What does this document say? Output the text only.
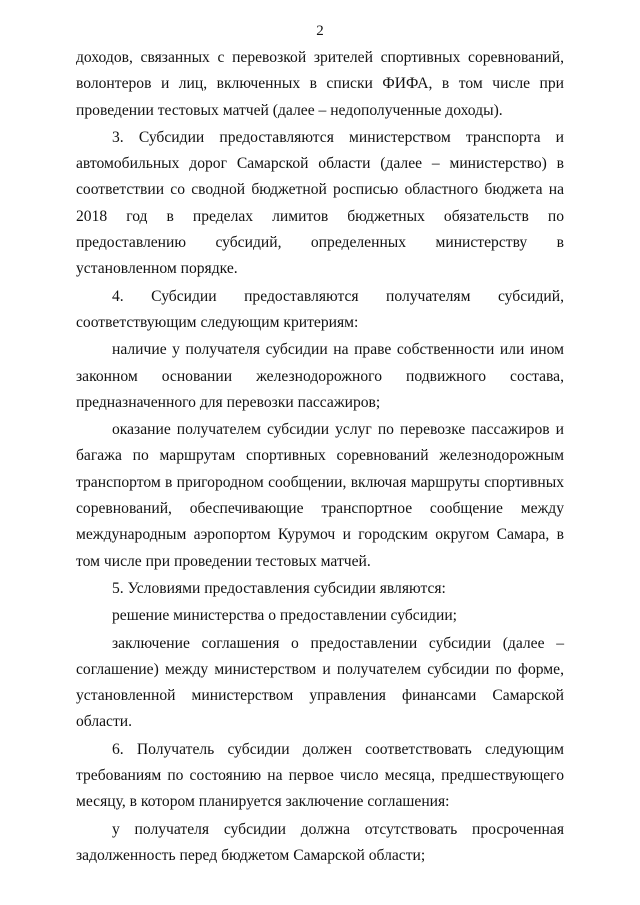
2

доходов, связанных с перевозкой зрителей спортивных соревнований, волонтеров и лиц, включенных в списки ФИФА, в том числе при проведении тестовых матчей (далее – недополученные доходы).

3. Субсидии предоставляются министерством транспорта и автомобильных дорог Самарской области (далее – министерство) в соответствии со сводной бюджетной росписью областного бюджета на 2018 год в пределах лимитов бюджетных обязательств по предоставлению субсидий, определенных министерству в установленном порядке.

4. Субсидии предоставляются получателям субсидий, соответствующим следующим критериям:

наличие у получателя субсидии на праве собственности или ином законном основании железнодорожного подвижного состава, предназначенного для перевозки пассажиров;

оказание получателем субсидии услуг по перевозке пассажиров и багажа по маршрутам спортивных соревнований железнодорожным транспортом в пригородном сообщении, включая маршруты спортивных соревнований, обеспечивающие транспортное сообщение между международным аэропортом Курумоч и городским округом Самара, в том числе при проведении тестовых матчей.

5. Условиями предоставления субсидии являются:

решение министерства о предоставлении субсидии;

заключение соглашения о предоставлении субсидии (далее – соглашение) между министерством и получателем субсидии по форме, установленной министерством управления финансами Самарской области.

6. Получатель субсидии должен соответствовать следующим требованиям по состоянию на первое число месяца, предшествующего месяцу, в котором планируется заключение соглашения:

у получателя субсидии должна отсутствовать просроченная задолженность перед бюджетом Самарской области;
